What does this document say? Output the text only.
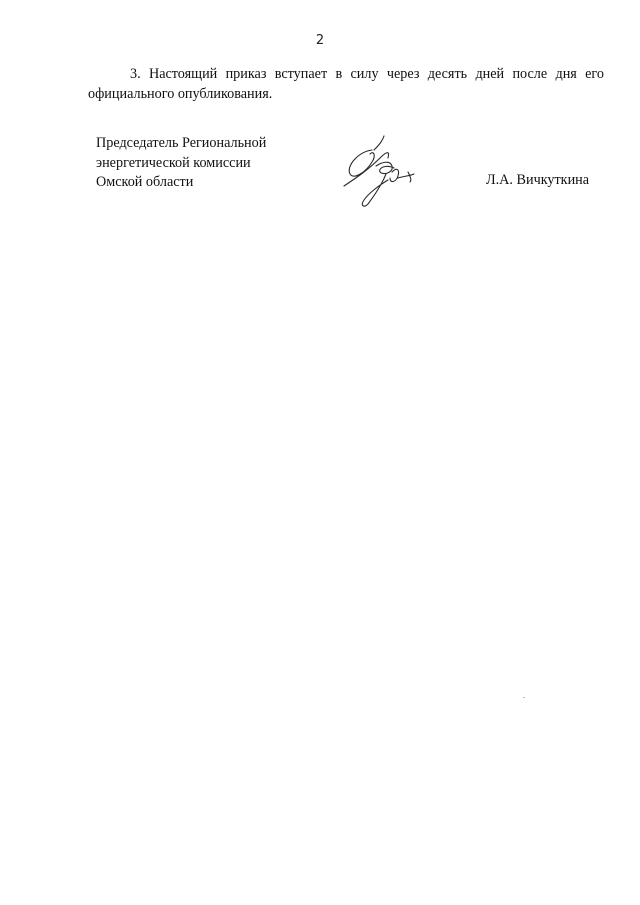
2

3. Настоящий приказ вступает в силу через десять дней после дня его официального опубликования.

Председатель Региональной
энергетической комиссии
Омской области	Л.А. Вичкуткина
